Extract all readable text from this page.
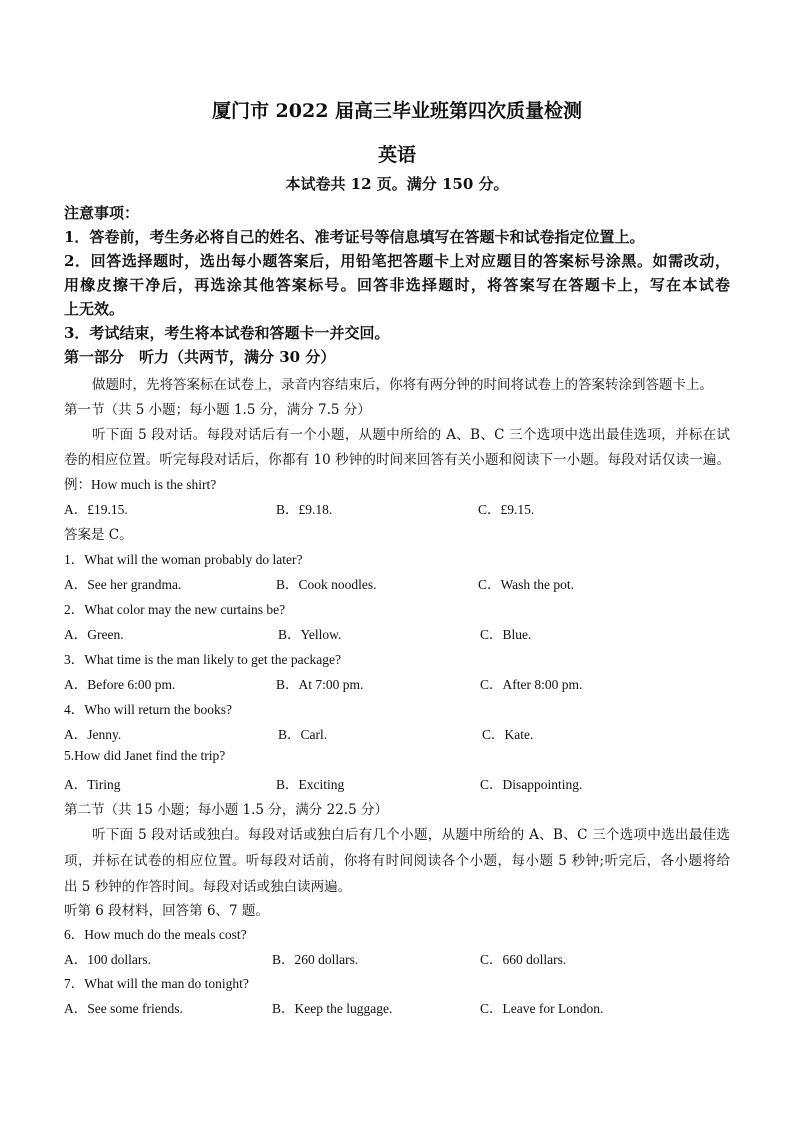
厦门市 2022 届高三毕业班第四次质量检测
英语
本试卷共 12 页。满分 150 分。
注意事项：
1．答卷前，考生务必将自己的姓名、准考证号等信息填写在答题卡和试卷指定位置上。
2．回答选择题时，选出每小题答案后，用铅笔把答题卡上对应题目的答案标号涂黑。如需改动，
用橡皮擦干净后，再选涂其他答案标号。回答非选择题时，将答案写在答题卡上，写在本试卷
上无效。
3．考试结束，考生将本试卷和答题卡一并交回。
第一部分　听力（共两节，满分 30 分）
做题时，先将答案标在试卷上，录音内容结束后，你将有两分钟的时间将试卷上的答案转涂到答题卡上。
第一节（共 5 小题；每小题 1.5 分，满分 7.5 分）
听下面 5 段对话。每段对话后有一个小题，从题中所给的 A、B、C 三个选项中选出最佳选项，并标在试
卷的相应位置。听完每段对话后，你都有 10 秒钟的时间来回答有关小题和阅读下一小题。每段对话仅读一遍。
例：How much is the shirt?
A．£19.15.	B．£9.18.	C．£9.15.
答案是 C。
1．What will the woman probably do later?
A．See her grandma.	B．Cook noodles.	C．Wash the pot.
2．What color may the new curtains be?
A．Green.	B．Yellow.	C．Blue.
3．What time is the man likely to get the package?
A．Before 6:00 pm.	B．At 7:00 pm.	C．After 8:00 pm.
4．Who will return the books?
A．Jenny.	B．Carl.	C．Kate.
5.How did Janet find the trip?
A．Tiring	B．Exciting	C．Disappointing.
第二节（共 15 小题；每小题 1.5 分，满分 22.5 分）
听下面 5 段对话或独白。每段对话或独白后有几个小题，从题中所给的 A、B、C 三个选项中选出最佳选
项，并标在试卷的相应位置。听每段对话前，你将有时间阅读各个小题，每小题 5 秒钟;听完后，各小题将给
出 5 秒钟的作答时间。每段对话或独白读两遍。
听第 6 段材料，回答第 6、7 题。
6．How much do the meals cost?
A．100 dollars.	B．260 dollars.	C．660 dollars.
7．What will the man do tonight?
A．See some friends.	B．Keep the luggage.	C．Leave for London.
